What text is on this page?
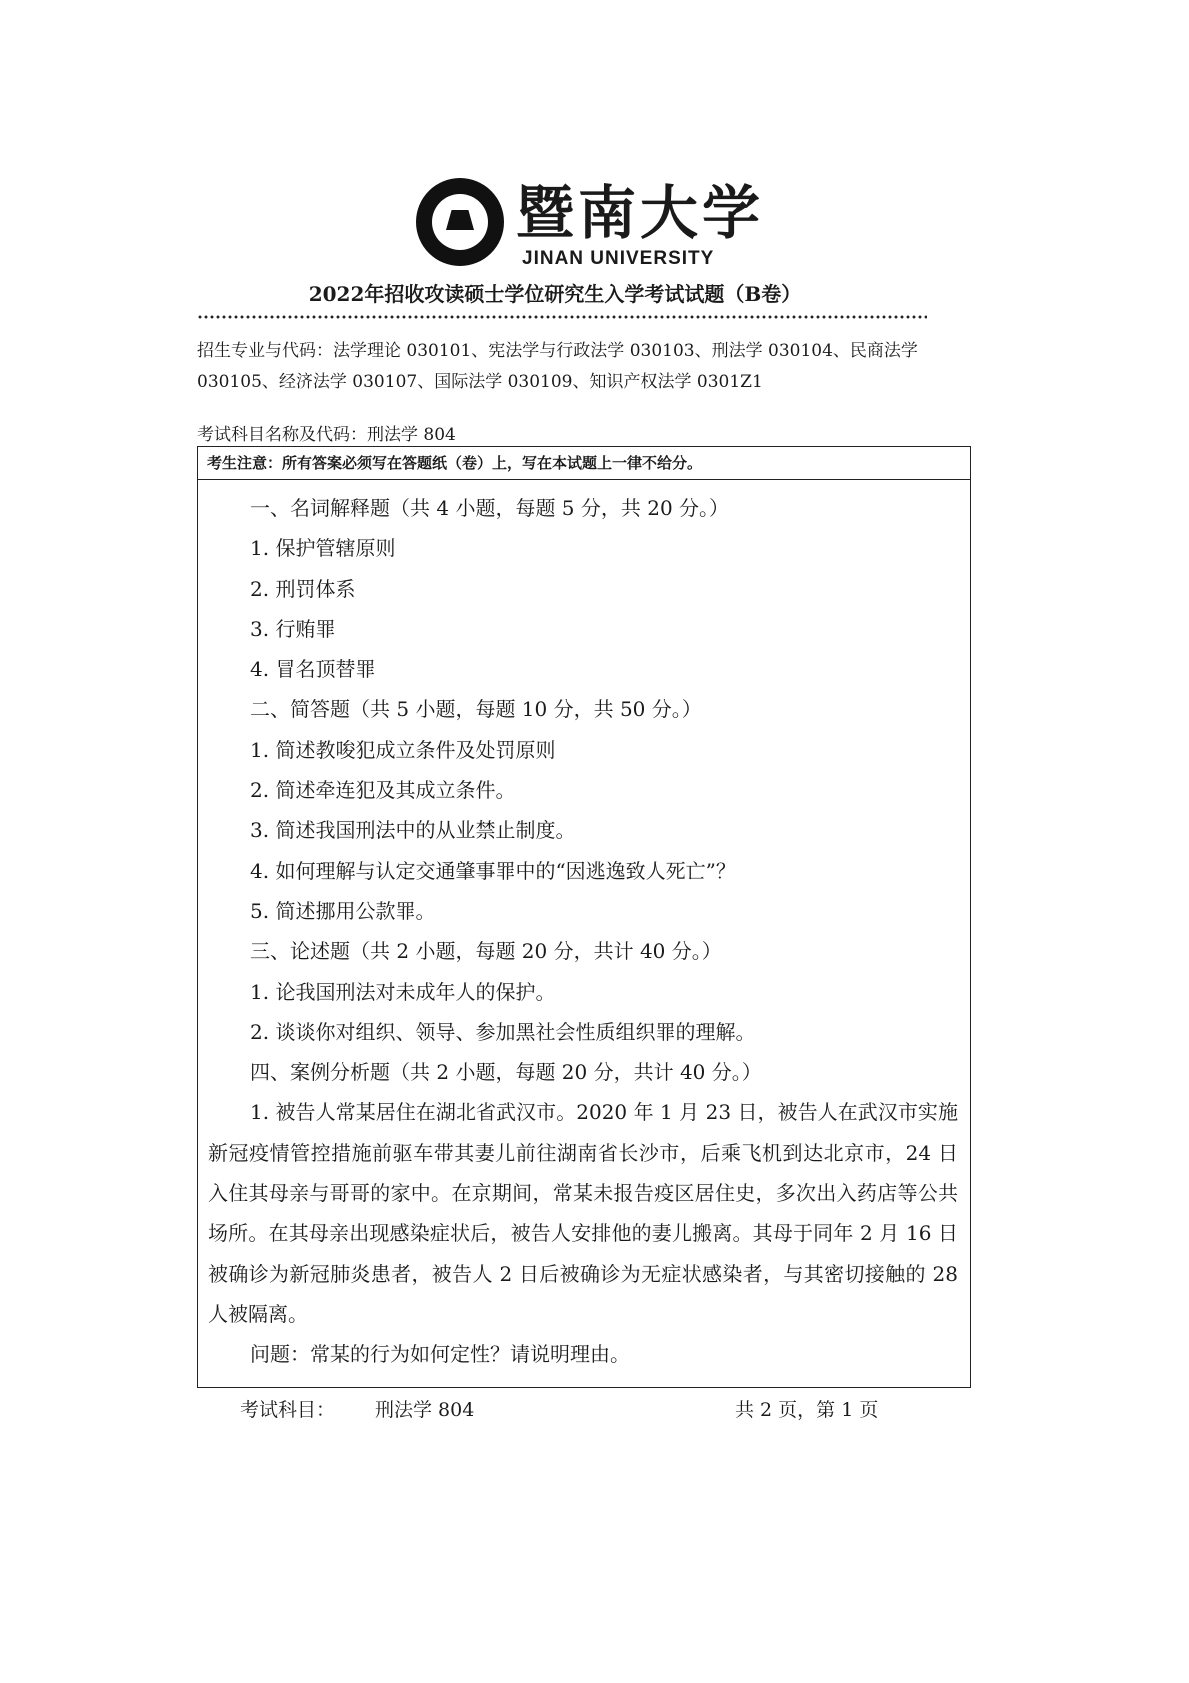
暨南大学
JINAN UNIVERSITY
2022年招收攻读硕士学位研究生入学考试试题（B卷）
招生专业与代码：法学理论 030101、宪法学与行政法学 030103、刑法学 030104、民商法学 030105、经济法学 030107、国际法学 030109、知识产权法学 0301Z1
考试科目名称及代码：刑法学 804
考生注意：所有答案必须写在答题纸（卷）上，写在本试题上一律不给分。
一、名词解释题（共 4 小题，每题 5 分，共 20 分。）
1. 保护管辖原则
2. 刑罚体系
3. 行贿罪
4. 冒名顶替罪
二、简答题（共 5 小题，每题 10 分，共 50 分。）
1. 简述教唆犯成立条件及处罚原则
2. 简述牵连犯及其成立条件。
3. 简述我国刑法中的从业禁止制度。
4. 如何理解与认定交通肇事罪中的“因逃逸致人死亡”？
5. 简述挪用公款罪。
三、论述题（共 2 小题，每题 20 分，共计 40 分。）
1. 论我国刑法对未成年人的保护。
2. 谈谈你对组织、领导、参加黑社会性质组织罪的理解。
四、案例分析题（共 2 小题，每题 20 分，共计 40 分。）
1. 被告人常某居住在湖北省武汉市。2020 年 1 月 23 日，被告人在武汉市实施新冠疫情管控措施前驱车带其妻儿前往湖南省长沙市，后乘飞机到达北京市，24 日入住其母亲与哥哥的家中。在京期间，常某未报告疫区居住史，多次出入药店等公共场所。在其母亲出现感染症状后，被告人安排他的妻儿搬离。其母于同年 2 月 16 日被确诊为新冠肺炎患者，被告人 2 日后被确诊为无症状感染者，与其密切接触的 28 人被隔离。
问题：常某的行为如何定性？请说明理由。
考试科目： 刑法学 804	共 2 页，第 1 页
